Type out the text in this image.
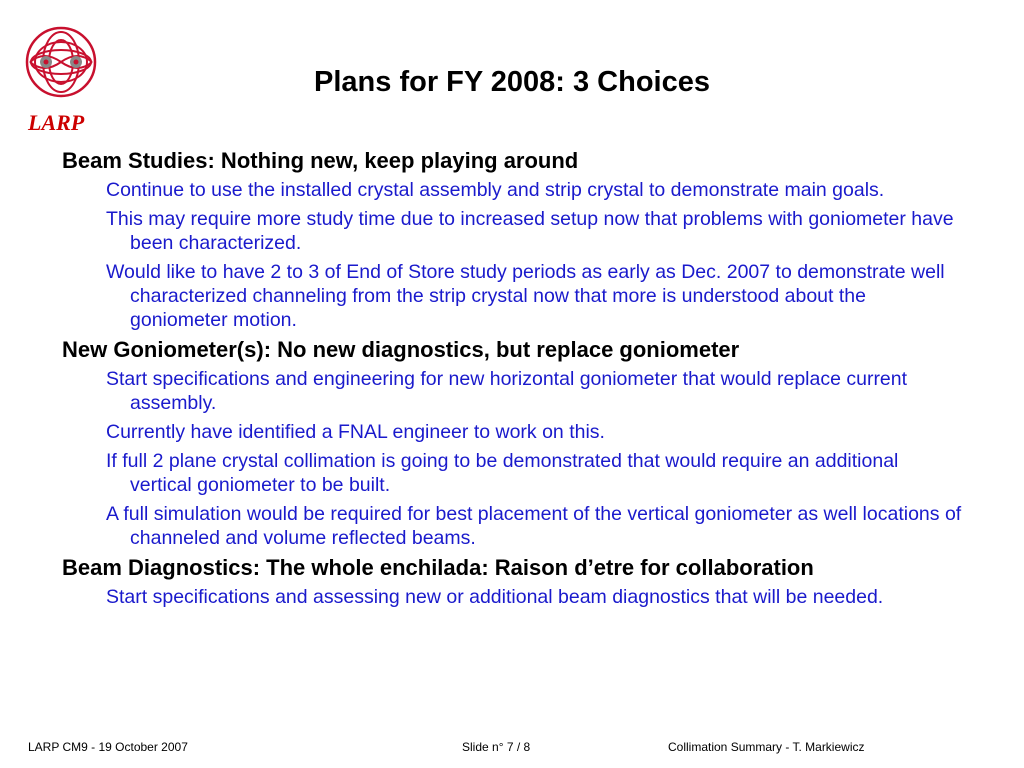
LARP
Plans for FY 2008: 3 Choices
Beam Studies: Nothing new, keep playing around
Continue to use the installed crystal assembly and strip crystal to demonstrate main goals.
This may require more study time due to increased setup now that problems with goniometer have been characterized.
Would like to have 2 to 3 of End of Store study periods as early as Dec. 2007 to demonstrate well characterized channeling from the strip crystal now that more is understood about the goniometer motion.
New Goniometer(s): No new diagnostics, but replace goniometer
Start specifications and engineering for new horizontal goniometer that would replace current assembly.
Currently have identified a FNAL engineer to work on this.
If full 2 plane crystal collimation is going to be demonstrated that would require an additional vertical goniometer to be built.
A full simulation would be required for best placement of the vertical goniometer as well locations of channeled and volume reflected beams.
Beam Diagnostics: The whole enchilada: Raison d’etre for collaboration
Start specifications and assessing new or additional beam diagnostics that will be needed.
LARP CM9 - 19 October 2007	Slide n° 7 / 8	Collimation Summary - T. Markiewicz
